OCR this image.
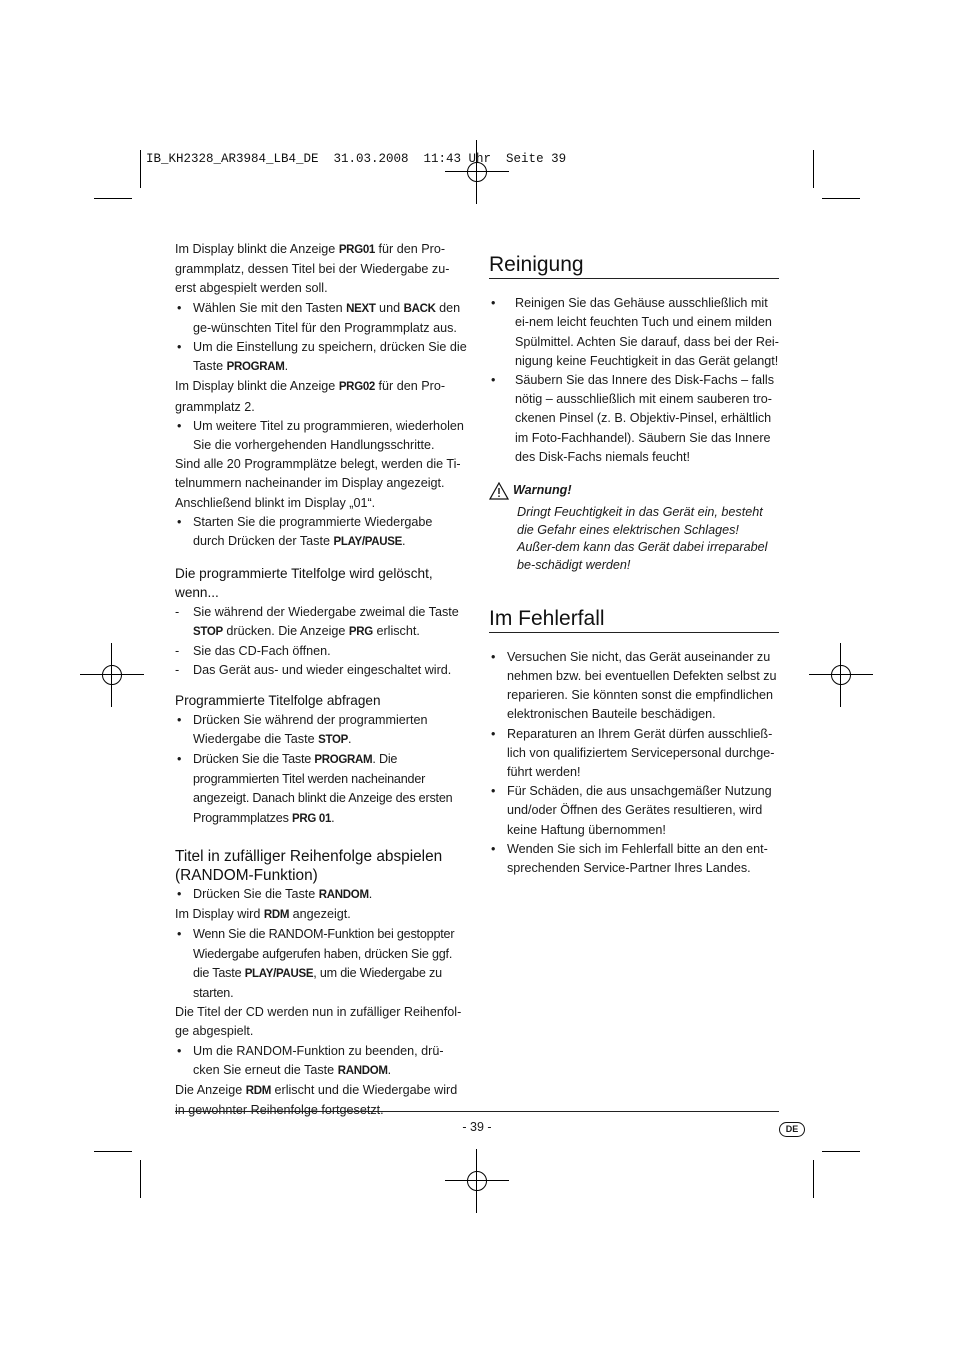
IB_KH2328_AR3984_LB4_DE  31.03.2008  11:43 Uhr  Seite 39

Im Display blinkt die Anzeige PRG01 für den Pro-grammplatz, dessen Titel bei der Wiedergabe zu-erst abgespielt werden soll.

• Wählen Sie mit den Tasten NEXT und BACK den ge-wünschten Titel für den Programmplatz aus.

• Um die Einstellung zu speichern, drücken Sie die Taste PROGRAM.

Im Display blinkt die Anzeige PRG02 für den Pro-grammplatz 2.

• Um weitere Titel zu programmieren, wiederholen Sie die vorhergehenden Handlungsschritte.

Sind alle 20 Programmplätze belegt, werden die Ti-telnummern nacheinander im Display angezeigt. Anschließend blinkt im Display „01“.

• Starten Sie die programmierte Wiedergabe durch Drücken der Taste PLAY/PAUSE.

Die programmierte Titelfolge wird gelöscht, wenn...

- Sie während der Wiedergabe zweimal die Taste STOP drücken. Die Anzeige PRG erlischt.

- Sie das CD-Fach öffnen.

- Das Gerät aus- und wieder eingeschaltet wird.

Programmierte Titelfolge abfragen

• Drücken Sie während der programmierten Wiedergabe die Taste STOP.

• Drücken Sie die Taste PROGRAM. Die programmierten Titel werden nacheinander angezeigt. Danach blinkt die Anzeige des ersten Programmplatzes PRG 01.

Titel in zufälliger Reihenfolge abspielen (RANDOM-Funktion)

• Drücken Sie die Taste RANDOM.

Im Display wird RDM angezeigt.

• Wenn Sie die RANDOM-Funktion bei gestoppter Wiedergabe aufgerufen haben, drücken Sie ggf. die Taste PLAY/PAUSE, um die Wiedergabe zu starten.

Die Titel der CD werden nun in zufälliger Reihenfol-ge abgespielt.

• Um die RANDOM-Funktion zu beenden, drü-cken Sie erneut die Taste RANDOM.

Die Anzeige RDM erlischt und die Wiedergabe wird

Reinigung

• Reinigen Sie das Gehäuse ausschließlich mit ei-nem leicht feuchten Tuch und einem milden Spülmittel. Achten Sie darauf, dass bei der Rei-nigung keine Feuchtigkeit in das Gerät gelangt!

• Säubern Sie das Innere des Disk-Fachs – falls nötig – ausschließlich mit einem sauberen tro-ckenen Pinsel (z. B. Objektiv-Pinsel, erhältlich im Foto-Fachhandel). Säubern Sie das Innere des Disk-Fachs niemals feucht!

Warnung!

Dringt Feuchtigkeit in das Gerät ein, besteht die Gefahr eines elektrischen Schlages! Außer-dem kann das Gerät dabei irreparabel be-schädigt werden!

Im Fehlerfall

• Versuchen Sie nicht, das Gerät auseinander zu nehmen bzw. bei eventuellen Defekten selbst zu reparieren. Sie könnten sonst die empfindlichen elektronischen Bauteile beschädigen.

• Reparaturen an Ihrem Gerät dürfen ausschließ-lich von qualifiziertem Servicepersonal durchge-führt werden!

• Für Schäden, die aus unsachgemäßer Nutzung und/oder Öffnen des Gerätes resultieren, wird keine Haftung übernommen!

• Wenden Sie sich im Fehlerfall bitte an den ent-sprechenden Service-Partner Ihres Landes.

- 39 -	DE
